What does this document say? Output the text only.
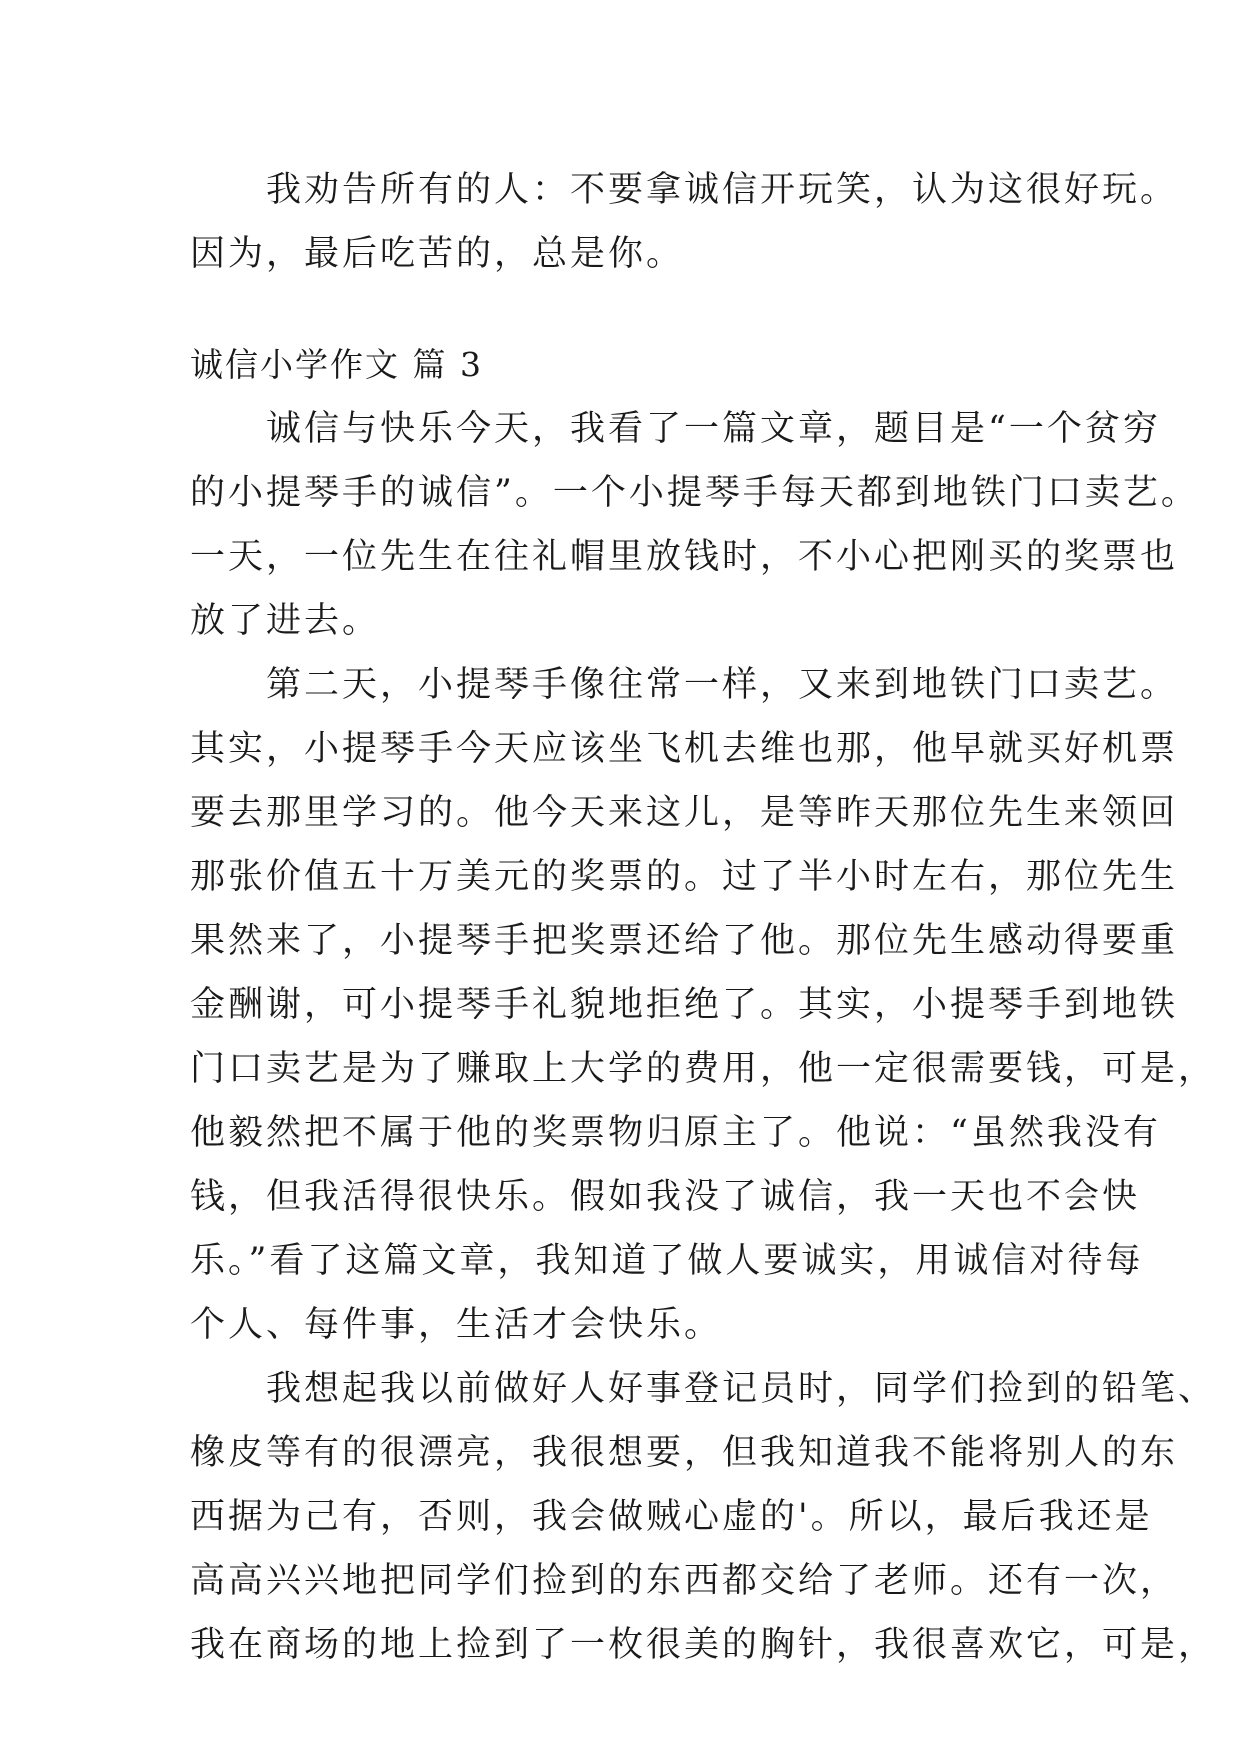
　　我劝告所有的人：不要拿诚信开玩笑，认为这很好玩。
因为，最后吃苦的，总是你。
诚信小学作文 篇 3
　　诚信与快乐今天，我看了一篇文章，题目是“一个贫穷
的小提琴手的诚信”。一个小提琴手每天都到地铁门口卖艺。
一天，一位先生在往礼帽里放钱时，不小心把刚买的奖票也
放了进去。
　　第二天，小提琴手像往常一样，又来到地铁门口卖艺。
其实，小提琴手今天应该坐飞机去维也那，他早就买好机票
要去那里学习的。他今天来这儿，是等昨天那位先生来领回
那张价值五十万美元的奖票的。过了半小时左右，那位先生
果然来了，小提琴手把奖票还给了他。那位先生感动得要重
金酬谢，可小提琴手礼貌地拒绝了。其实，小提琴手到地铁
门口卖艺是为了赚取上大学的费用，他一定很需要钱，可是，
他毅然把不属于他的奖票物归原主了。他说：“虽然我没有
钱，但我活得很快乐。假如我没了诚信，我一天也不会快
乐。”看了这篇文章，我知道了做人要诚实，用诚信对待每
个人、每件事，生活才会快乐。
　　我想起我以前做好人好事登记员时，同学们捡到的铅笔、
橡皮等有的很漂亮，我很想要，但我知道我不能将别人的东
西据为己有，否则，我会做贼心虚的'。所以，最后我还是
高高兴兴地把同学们捡到的东西都交给了老师。还有一次，
我在商场的地上捡到了一枚很美的胸针，我很喜欢它，可是，
